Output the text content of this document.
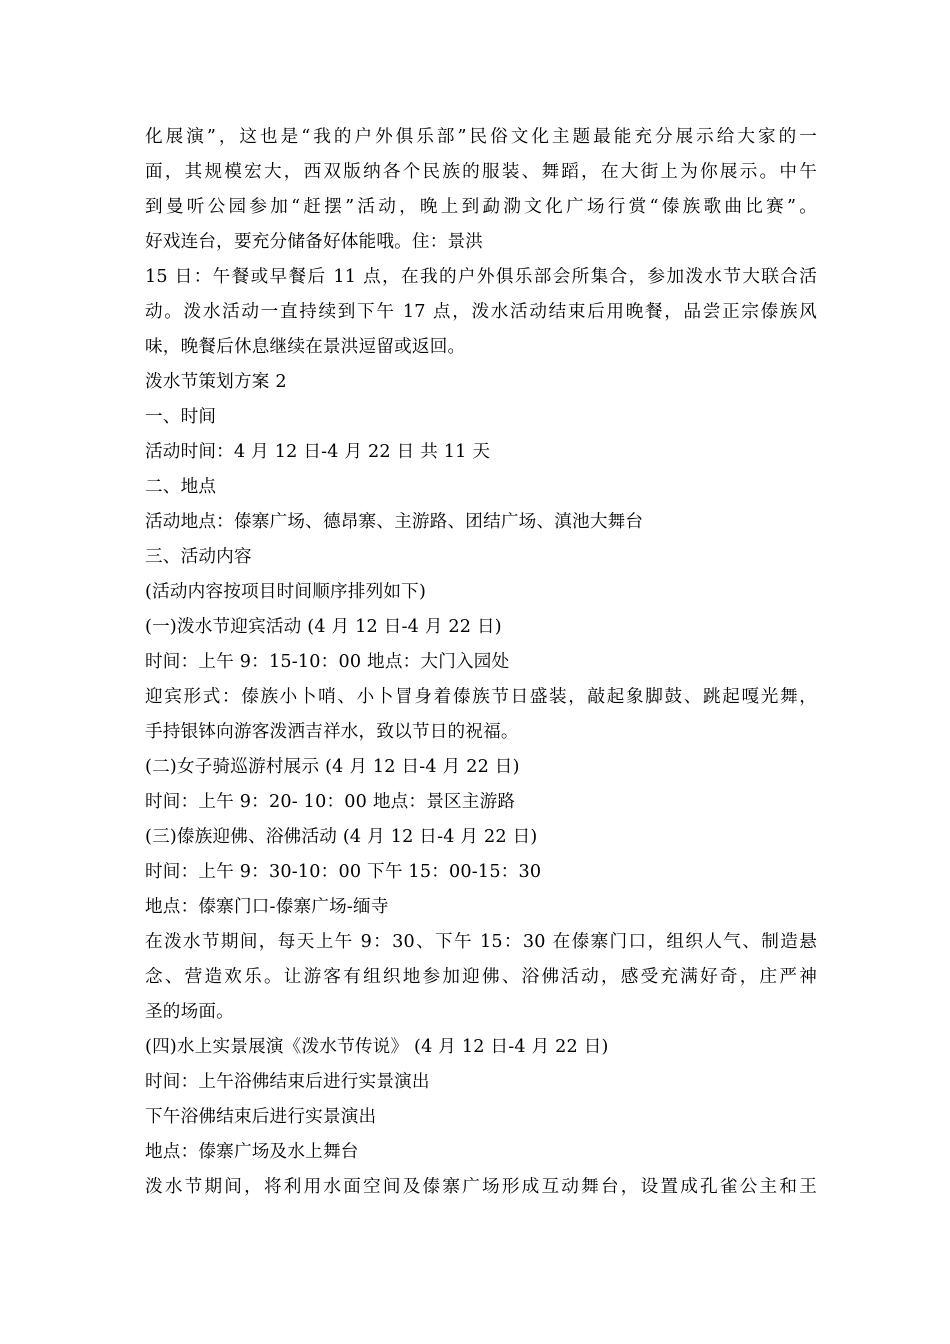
化展演”，这也是“我的户外俱乐部”民俗文化主题最能充分展示给大家的一
面，其规模宏大，西双版纳各个民族的服装、舞蹈，在大街上为你展示。中午
到曼听公园参加“赶摆”活动，晚上到勐泐文化广场行赏“傣族歌曲比赛”。
好戏连台，要充分储备好体能哦。住：景洪
15 日：午餐或早餐后 11 点，在我的户外俱乐部会所集合，参加泼水节大联合活
动。泼水活动一直持续到下午 17 点，泼水活动结束后用晚餐，品尝正宗傣族风
味，晚餐后休息继续在景洪逗留或返回。
泼水节策划方案 2
一、时间
活动时间：4 月 12 日-4 月 22 日 共 11 天
二、地点
活动地点：傣寨广场、德昂寨、主游路、团结广场、滇池大舞台
三、活动内容
(活动内容按项目时间顺序排列如下)
(一)泼水节迎宾活动 (4 月 12 日-4 月 22 日)
时间：上午 9：15-10：00 地点：大门入园处
迎宾形式：傣族小卜哨、小卜冒身着傣族节日盛装，敲起象脚鼓、跳起嘎光舞，
手持银钵向游客泼洒吉祥水，致以节日的祝福。
(二)女子骑巡游村展示 (4 月 12 日-4 月 22 日)
时间：上午 9：20- 10：00 地点：景区主游路
(三)傣族迎佛、浴佛活动 (4 月 12 日-4 月 22 日)
时间：上午 9：30-10：00 下午 15：00-15：30
地点：傣寨门口-傣寨广场-缅寺
在泼水节期间，每天上午 9：30、下午 15：30 在傣寨门口，组织人气、制造悬
念、营造欢乐。让游客有组织地参加迎佛、浴佛活动，感受充满好奇，庄严神
圣的场面。
(四)水上实景展演《泼水节传说》 (4 月 12 日-4 月 22 日)
时间：上午浴佛结束后进行实景演出
下午浴佛结束后进行实景演出
地点：傣寨广场及水上舞台
泼水节期间，将利用水面空间及傣寨广场形成互动舞台，设置成孔雀公主和王
